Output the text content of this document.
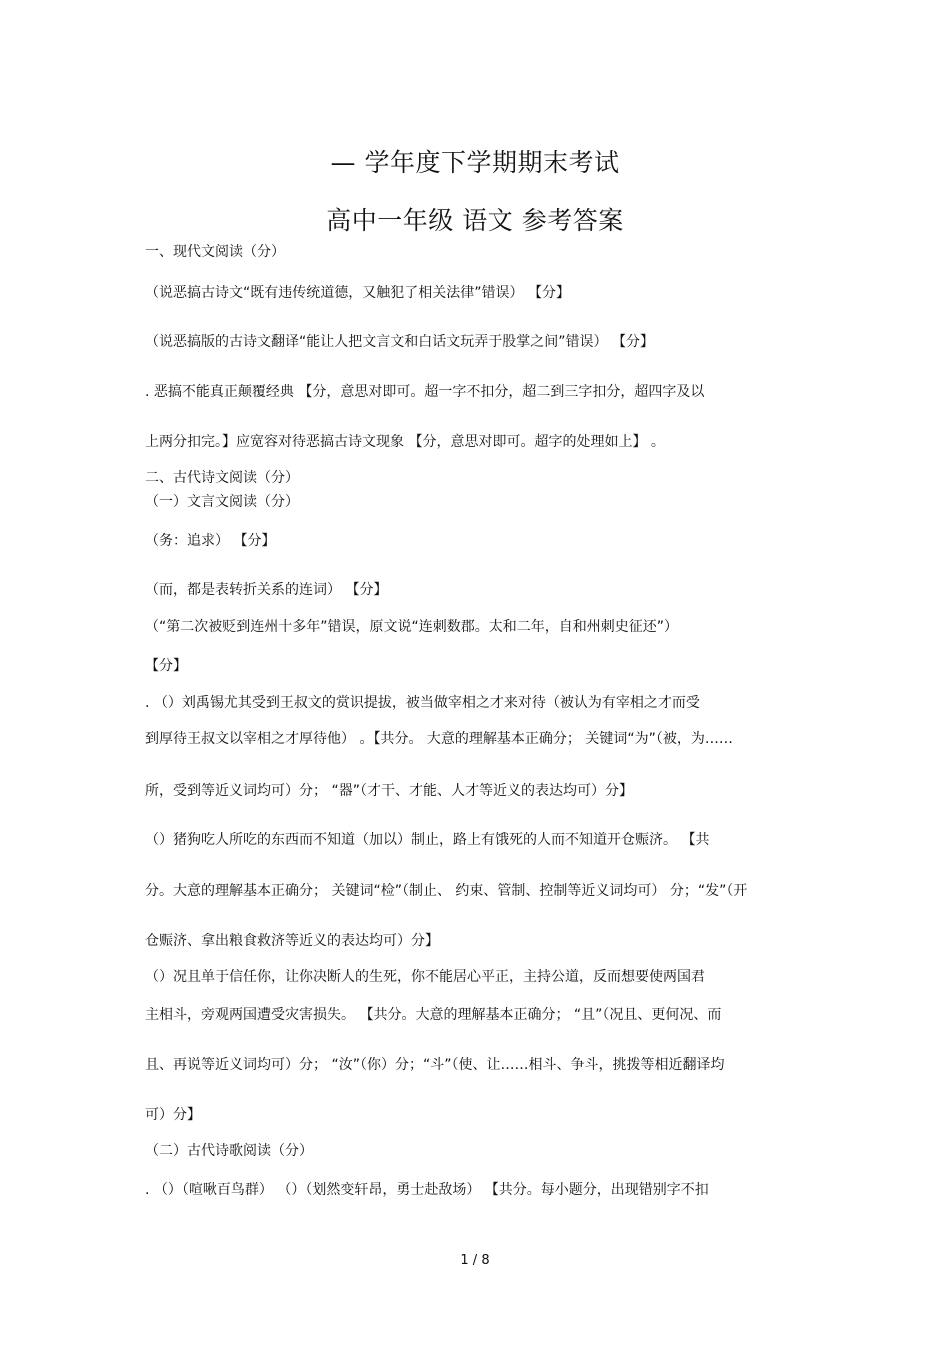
— 学年度下学期期末考试
高中一年级 语文 参考答案
一、现代文阅读（分）
（说恶搞古诗文“既有违传统道德，又触犯了相关法律”错误） 【分】
（说恶搞版的古诗文翻译“能让人把文言文和白话文玩弄于股掌之间”错误） 【分】
. 恶搞不能真正颠覆经典 【分，意思对即可。超一字不扣分，超二到三字扣分，超四字及以
上两分扣完。】应宽容对待恶搞古诗文现象 【分，意思对即可。超字的处理如上】 。
二、古代诗文阅读（分）
（一）文言文阅读（分）
（务：追求） 【分】
（而，都是表转折关系的连词） 【分】
（“第二次被贬到连州十多年”错误，原文说“连刺数郡。太和二年，自和州刺史征还”）
【分】
. （）刘禹锡尤其受到王叔文的赏识提拔，被当做宰相之才来对待（被认为有宰相之才而受
到厚待王叔文以宰相之才厚待他） 。【共分。 大意的理解基本正确分； 关键词“为”（被，为……
所，受到等近义词均可）分； “器”（才干、才能、人才等近义的表达均可）分】
（）猪狗吃人所吃的东西而不知道（加以）制止，路上有饿死的人而不知道开仓赈济。 【共
分。大意的理解基本正确分； 关键词“检”（制止、 约束、管制、控制等近义词均可） 分；“发”（开
仓赈济、拿出粮食救济等近义的表达均可）分】
（）况且单于信任你，让你决断人的生死，你不能居心平正，主持公道，反而想要使两国君
主相斗，旁观两国遭受灾害损失。 【共分。大意的理解基本正确分； “且”（况且、更何况、而
且、再说等近义词均可）分； “汝”（你）分；“斗”（使、让……相斗、争斗，挑拨等相近翻译均
可）分】
（二）古代诗歌阅读（分）
. （）（喧啾百鸟群） （）（划然变轩昂，勇士赴敌场） 【共分。每小题分，出现错别字不扣
1 / 8
